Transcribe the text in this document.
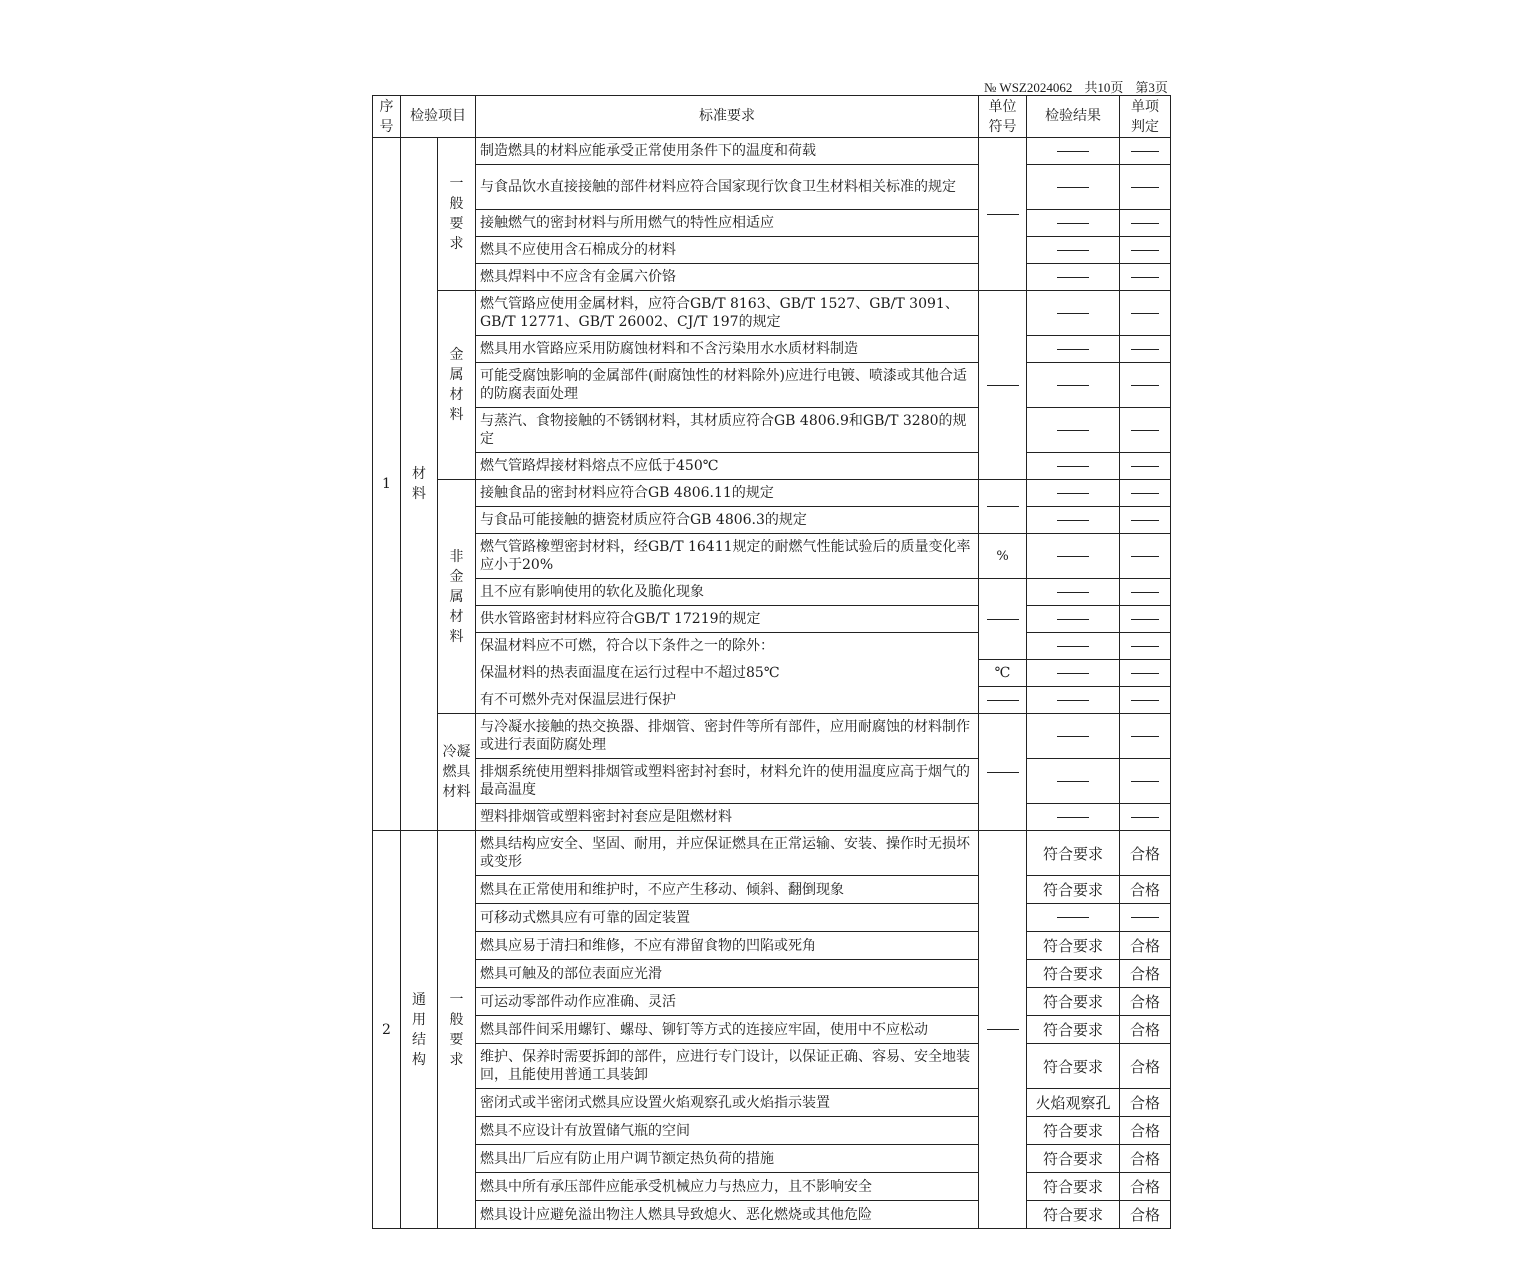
№ WSZ2024062 共10页 第3页
序号	检验项目		标准要求	单位符号	检验结果	单项判定
1	材料	一般要求	制造燃具的材料应能承受正常使用条件下的温度和荷载			
			与食品饮水直接接触的部件材料应符合国家现行饮食卫生材料相关标准的规定			
			接触燃气的密封材料与所用燃气的特性应相适应			
			燃具不应使用含石棉成分的材料			
			燃具焊料中不应含有金属六价铬			
		金属材料	燃气管路应使用金属材料，应符合GB/T 8163、GB/T 1527、GB/T 3091、GB/T 12771、GB/T 26002、CJ/T 197的规定			
			燃具用水管路应采用防腐蚀材料和不含污染用水水质材料制造			
			可能受腐蚀影响的金属部件(耐腐蚀性的材料除外)应进行电镀、喷漆或其他合适的防腐表面处理			
			与蒸汽、食物接触的不锈钢材料，其材质应符合GB 4806.9和GB/T 3280的规定			
			燃气管路焊接材料熔点不应低于450℃			
		非金属材料	接触食品的密封材料应符合GB 4806.11的规定			
			与食品可能接触的搪瓷材质应符合GB 4806.3的规定			
			燃气管路橡塑密封材料，经GB/T 16411规定的耐燃气性能试验后的质量变化率应小于20%	%		
			且不应有影响使用的软化及脆化现象			
			供水管路密封材料应符合GB/T 17219的规定			
			保温材料应不可燃，符合以下条件之一的除外：			
			保温材料的热表面温度在运行过程中不超过85℃	℃		
			有不可燃外壳对保温层进行保护			
		冷凝燃具材料	与冷凝水接触的热交换器、排烟管、密封件等所有部件，应用耐腐蚀的材料制作或进行表面防腐处理			
			排烟系统使用塑料排烟管或塑料密封衬套时，材料允许的使用温度应高于烟气的最高温度			
			塑料排烟管或塑料密封衬套应是阻燃材料			
2	通用结构	一般要求	燃具结构应安全、坚固、耐用，并应保证燃具在正常运输、安装、操作时无损坏或变形		符合要求	合格
			燃具在正常使用和维护时，不应产生移动、倾斜、翻倒现象		符合要求	合格
			可移动式燃具应有可靠的固定装置			
			燃具应易于清扫和维修，不应有滞留食物的凹陷或死角		符合要求	合格
			燃具可触及的部位表面应光滑		符合要求	合格
			可运动零部件动作应准确、灵活		符合要求	合格
			燃具部件间采用螺钉、螺母、铆钉等方式的连接应牢固，使用中不应松动		符合要求	合格
			维护、保养时需要拆卸的部件，应进行专门设计，以保证正确、容易、安全地装回，且能使用普通工具装卸		符合要求	合格
			密闭式或半密闭式燃具应设置火焰观察孔或火焰指示装置		火焰观察孔	合格
			燃具不应设计有放置储气瓶的空间		符合要求	合格
			燃具出厂后应有防止用户调节额定热负荷的措施		符合要求	合格
			燃具中所有承压部件应能承受机械应力与热应力，且不影响安全		符合要求	合格
			燃具设计应避免溢出物注人燃具导致熄火、恶化燃烧或其他危险		符合要求	合格
